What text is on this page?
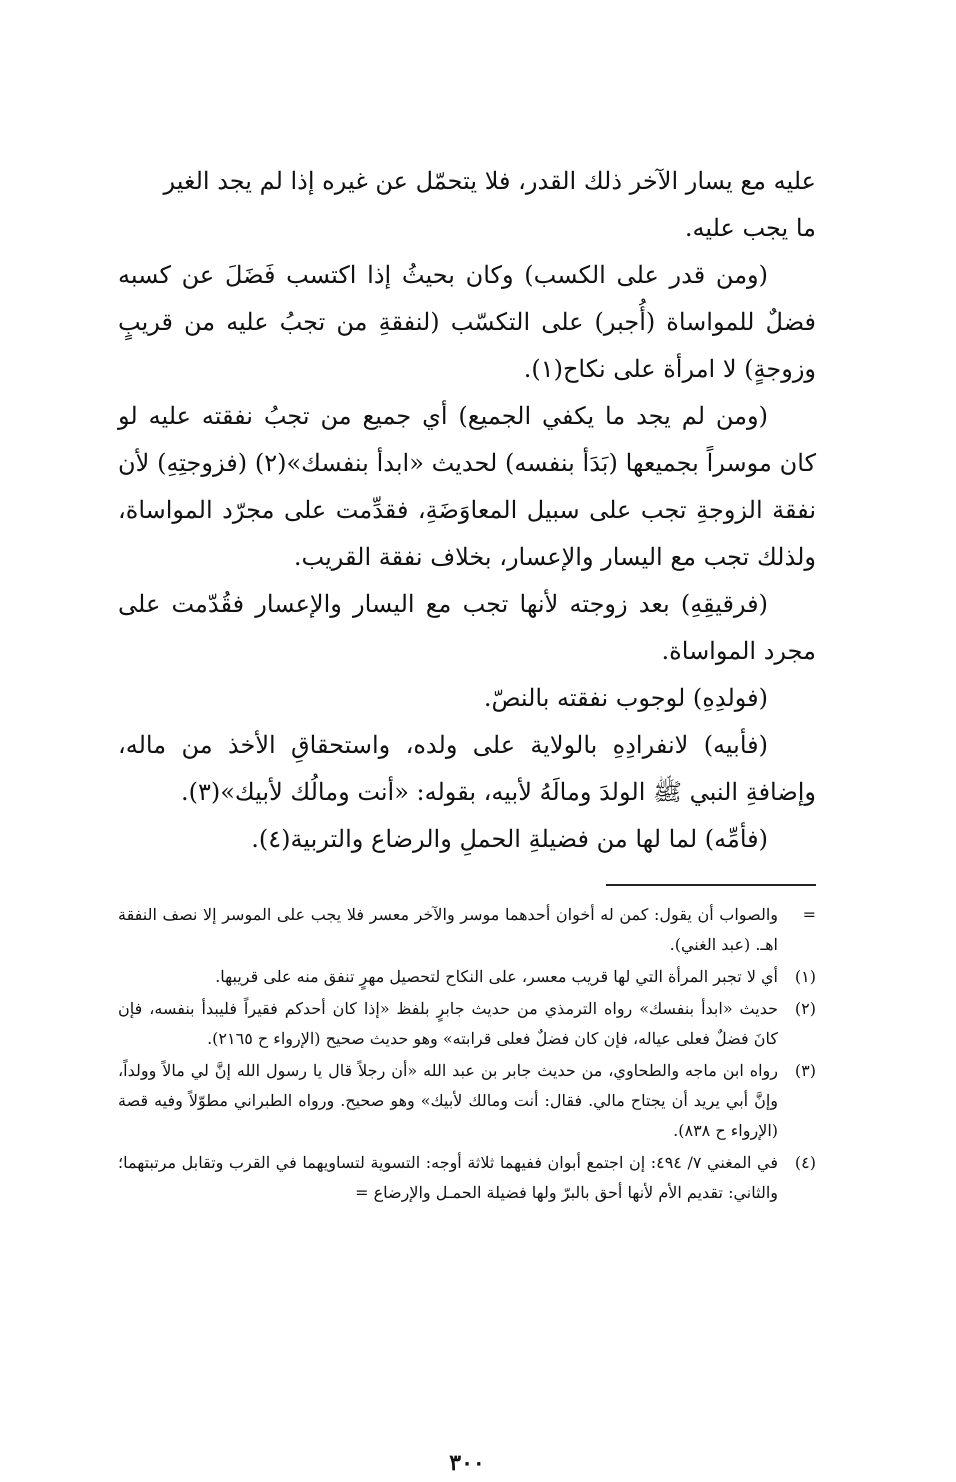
عليه مع يسار الآخر ذلك القدر، فلا يتحمّل عن غيره إذا لم يجد الغير

ما يجب عليه.

(ومن قدر على الكسب) وكان بحيثُ إذا اكتسب فَضَلَ عن كسبه فضلٌ للمواساة (أُجبر) على التكسّب (لنفقةِ من تجبُ عليه من قريبٍ وزوجةٍ) لا امرأة على نكاح(١).

(ومن لم يجد ما يكفي الجميع) أي جميع من تجبُ نفقته عليه لو كان موسراً بجميعها (بَدَأ بنفسه) لحديث «ابدأ بنفسك»(٢) (فزوجتِهِ) لأن نفقة الزوجةِ تجب على سبيل المعاوَضَةِ، فقدِّمت على مجرّد المواساة، ولذلك تجب مع اليسار والإعسار، بخلاف نفقة القريب.

(فرقيقِهِ) بعد زوجته لأنها تجب مع اليسار والإعسار فقُدّمت على مجرد المواساة.

(فولدِهِ) لوجوب نفقته بالنصّ.

(فأبيه) لانفرادِهِ بالولاية على ولده، واستحقاقِ الأخذ من ماله، وإضافةِ النبي ﷺ الولدَ ومالَهُ لأبيه، بقوله: «أنت ومالُك لأبيك»(٣).

(فأمِّه) لما لها من فضيلةِ الحملِ والرضاع والتربية(٤).

=
والصواب أن يقول: كمن له أخوان أحدهما موسر والآخر معسر فلا يجب على الموسر إلا نصف النفقة اهـ. (عبد الغني).
(١)
أي لا تجبر المرأة التي لها قريب معسر، على النكاح لتحصيل مهرٍ تنفق منه على قريبها.
(٢)
حديث «ابدأ بنفسك» رواه الترمذي من حديث جابرٍ بلفظ «إذا كان أحدكم فقيراً فليبدأ بنفسه، فإن كانَ فضلٌ فعلى عياله، فإن كان فضلٌ فعلى قرابته» وهو حديث صحيح (الإرواء ح ٢١٦٥).
(٣)
رواه ابن ماجه والطحاوي، من حديث جابر بن عبد الله «أن رجلاً قال يا رسول الله إنَّ لي مالاً وولداً، وإنَّ أبي يريد أن يجتاح مالي. فقال: أنت ومالك لأبيك» وهو صحيح. ورواه الطبراني مطوّلاً وفيه قصة (الإرواء ح ٨٣٨).
(٤)
في المغني ٧/ ٤٩٤: إن اجتمع أبوان ففيهما ثلاثة أوجه: التسوية لتساويهما في القرب وتقابل مرتبتهما؛ والثاني: تقديم الأم لأنها أحق بالبرّ ولها فضيلة الحمـل والإرضاع =
٣٠٠
